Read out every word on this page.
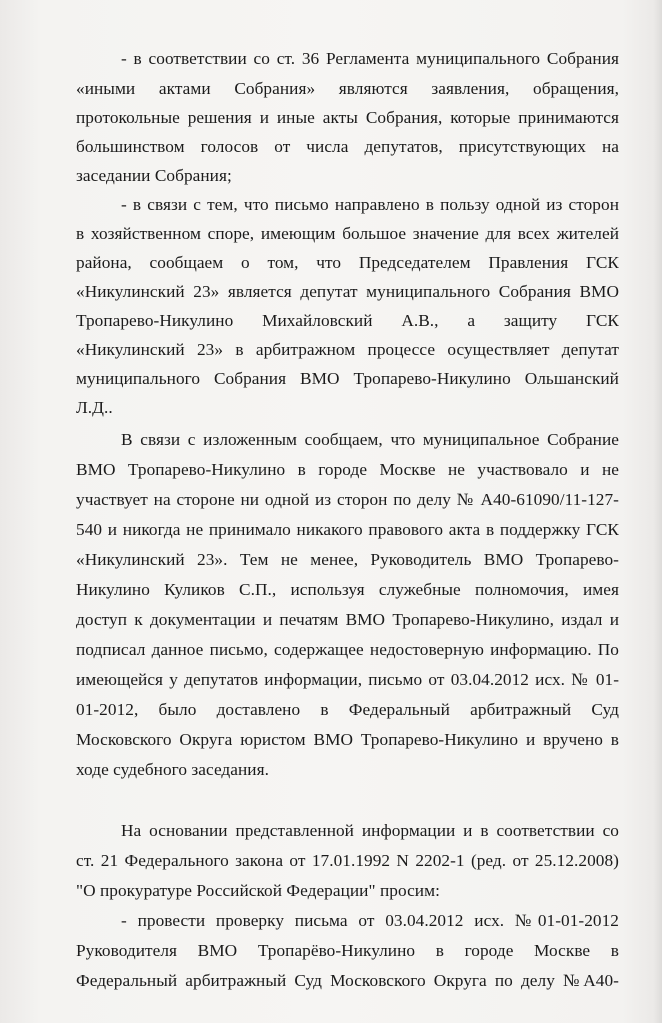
- в соответствии со ст. 36 Регламента муниципального Собрания
«иными актами Собрания» являются заявления, обращения,
протокольные решения и иные акты Собрания, которые принимаются
большинством голосов от числа депутатов, присутствующих на
заседании Собрания;
- в связи с тем, что письмо направлено в пользу одной из сторон
в хозяйственном споре, имеющим большое значение для всех жителей
района, сообщаем о том, что Председателем Правления ГСК
«Никулинский 23» является депутат муниципального Собрания ВМО
Тропарево-Никулино Михайловский А.В., а защиту ГСК
«Никулинский 23» в арбитражном процессе осуществляет депутат
муниципального Собрания ВМО Тропарево-Никулино Ольшанский
Л.Д..
В связи с изложенным сообщаем, что муниципальное Собрание
ВМО Тропарево-Никулино в городе Москве не участвовало и не
участвует на стороне ни одной из сторон по делу № А40-61090/11-127-
540 и никогда не принимало никакого правового акта в поддержку ГСК
«Никулинский 23». Тем не менее, Руководитель ВМО Тропарево-
Никулино Куликов С.П., используя служебные полномочия, имея
доступ к документации и печатям ВМО Тропарево-Никулино, издал и
подписал данное письмо, содержащее недостоверную информацию. По
имеющейся у депутатов информации, письмо от 03.04.2012 исх. № 01-
01-2012, было доставлено в Федеральный арбитражный Суд
Московского Округа юристом ВМО Тропарево-Никулино и вручено в
ходе судебного заседания.
На основании представленной информации и в соответствии со
ст. 21 Федерального закона от 17.01.1992 N 2202-1 (ред. от 25.12.2008)
"О прокуратуре Российской Федерации" просим:
- провести проверку письма от 03.04.2012 исх. №01-01-2012
Руководителя ВМО Тропарёво-Никулино в городе Москве в
Федеральный арбитражный Суд Московского Округа по делу №А40-
